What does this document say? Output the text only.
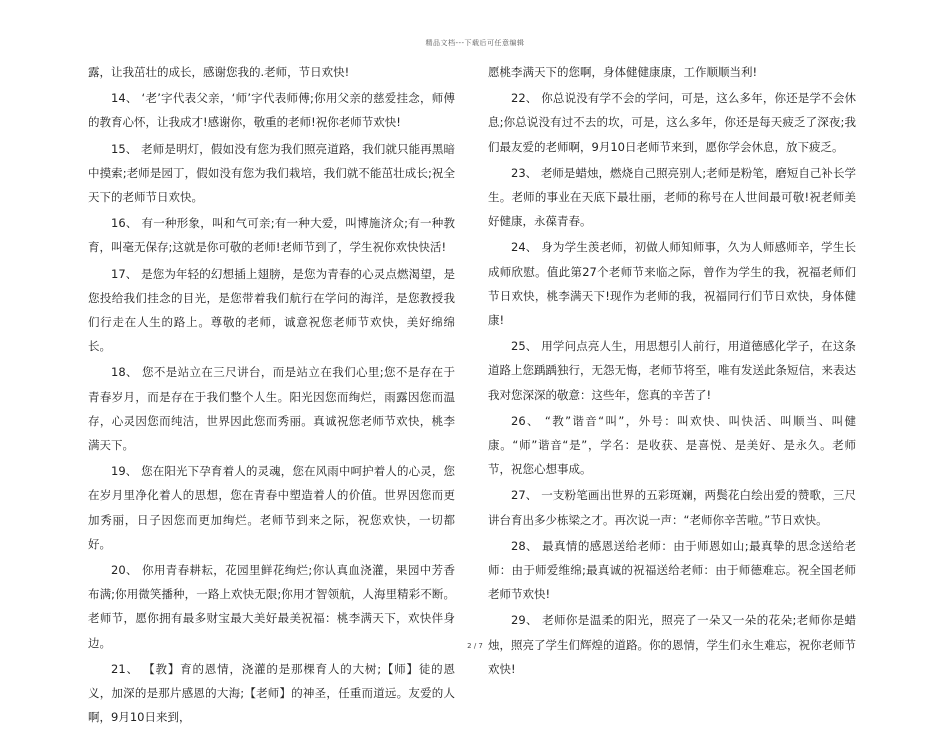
精品文档---下载后可任意编辑

露，让我茁壮的成长，感谢您我的.老师，节日欢快!

14、 ‘老’字代表父亲，‘师’字代表师傅;你用父亲的慈爱挂念，师傅的教育心怀，让我成才!感谢你，敬重的老师!祝你老师节欢快!

15、 老师是明灯，假如没有您为我们照亮道路，我们就只能再黑暗中摸索;老师是园丁，假如没有您为我们栽培，我们就不能茁壮成长;祝全天下的老师节日欢快。

16、 有一种形象，叫和气可亲;有一种大爱，叫博施济众;有一种教育，叫毫无保存;这就是你可敬的老师!老师节到了，学生祝你欢快快活!

17、 是您为年轻的幻想插上翅膀，是您为青春的心灵点燃渴望，是您投给我们挂念的目光，是您带着我们航行在学问的海洋，是您教授我们行走在人生的路上。尊敬的老师，诚意祝您老师节欢快，美好绵绵长。

18、 您不是站立在三尺讲台，而是站立在我们心里;您不是存在于青春岁月，而是存在于我们整个人生。阳光因您而绚烂，雨露因您而温存，心灵因您而纯洁，世界因此您而秀丽。真诚祝您老师节欢快，桃李满天下。

19、 您在阳光下孕育着人的灵魂，您在风雨中呵护着人的心灵，您在岁月里净化着人的思想，您在青春中塑造着人的价值。世界因您而更加秀丽，日子因您而更加绚烂。老师节到来之际，祝您欢快，一切都好。

20、 你用青春耕耘，花园里鲜花绚烂;你认真血浇灌，果园中芳香布满;你用微笑播种，一路上欢快无限;你用才智领航，人海里精彩不断。老师节，愿你拥有最多财宝最大美好最美祝福：桃李满天下，欢快伴身边。

21、 【教】育的恩情，浇灌的是那棵育人的大树;【师】徒的恩义，加深的是那片感恩的大海;【老师】的神圣，任重而道远。友爱的人啊，9月10日来到，

愿桃李满天下的您啊，身体健健康康，工作顺顺当利!

22、 你总说没有学不会的学问，可是，这么多年，你还是学不会休息;你总说没有过不去的坎，可是，这么多年，你还是每天疲乏了深夜;我们最友爱的老师啊，9月10日老师节来到，愿你学会休息，放下疲乏。

23、 老师是蜡烛，燃烧自己照亮别人;老师是粉笔，磨短自己补长学生。老师的事业在天底下最壮丽，老师的称号在人世间最可敬!祝老师美好健康，永葆青春。

24、 身为学生羡老师，初做人师知师事，久为人师感师辛，学生长成师欣慰。值此第27个老师节来临之际，曾作为学生的我，祝福老师们节日欢快，桃李满天下!现作为老师的我，祝福同行们节日欢快，身体健康!

25、 用学问点亮人生，用思想引人前行，用道德感化学子，在这条道路上您踽踽独行，无怨无悔，老师节将至，唯有发送此条短信，来表达我对您深深的敬意：这些年，您真的辛苦了!

26、 “教”谐音“叫”，外号：叫欢快、叫快活、叫顺当、叫健康。“师”谐音“是”，学名：是收获、是喜悦、是美好、是永久。老师节，祝您心想事成。

27、 一支粉笔画出世界的五彩斑斓，两鬓花白绘出爱的赞歌，三尺讲台育出多少栋梁之才。再次说一声：“老师你辛苦啦。”节日欢快。

28、 最真情的感恩送给老师：由于师恩如山;最真挚的思念送给老师：由于师爱维绵;最真诚的祝福送给老师：由于师德难忘。祝全国老师老师节欢快!

29、 老师你是温柔的阳光，照亮了一朵又一朵的花朵;老师你是蜡烛，照亮了学生们辉煌的道路。你的恩情，学生们永生难忘，祝你老师节欢快!

2 / 7
